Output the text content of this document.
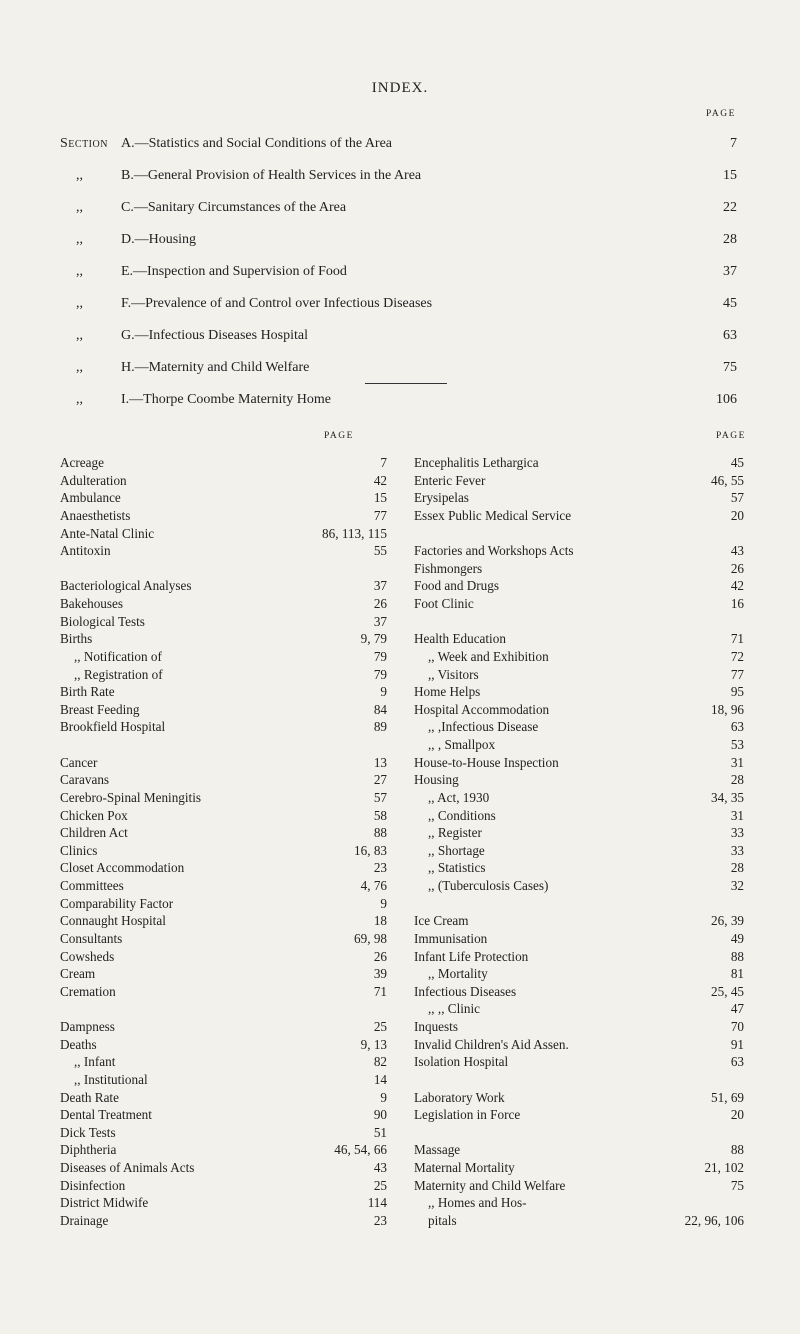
INDEX.
PAGE
Section A.—Statistics and Social Conditions of the Area	7
,,	B.—General Provision of Health Services in the Area	15
,,	C.—Sanitary Circumstances of the Area	22
,,	D.—Housing	28
,,	E.—Inspection and Supervision of Food	37
,,	F.—Prevalence of and Control over Infectious Diseases	45
,,	G.—Infectious Diseases Hospital	63
,,	H.—Maternity and Child Welfare	75
,,	I.—Thorpe Coombe Maternity Home	106
PAGE	PAGE
Acreage	7
Adulteration	42
Ambulance	15
Anaesthetists	77
Ante-Natal Clinic	86, 113, 115
Antitoxin	55
Bacteriological Analyses	37
Bakehouses	26
Biological Tests	37
Births	9, 79
,, Notification of	79
,, Registration of	79
Birth Rate	9
Breast Feeding	84
Brookfield Hospital	89
Cancer	13
Caravans	27
Cerebro-Spinal Meningitis	57
Chicken Pox	58
Children Act	88
Clinics	16, 83
Closet Accommodation	23
Committees	4, 76
Comparability Factor	9
Connaught Hospital	18
Consultants	69, 98
Cowsheds	26
Cream	39
Cremation	71
Dampness	25
Deaths	9, 13
,, Infant	82
,, Institutional	14
Death Rate	9
Dental Treatment	90
Dick Tests	51
Diphtheria	46, 54, 66
Diseases of Animals Acts	43
Disinfection	25
District Midwife	114
Drainage	23
Encephalitis Lethargica	45
Enteric Fever	46, 55
Erysipelas	57
Essex Public Medical Service	20
Factories and Workshops Acts	43
Fishmongers	26
Food and Drugs	42
Foot Clinic	16
Health Education	71
,, Week and Exhibition	72
,, Visitors	77
Home Helps	95
Hospital Accommodation	18, 96
,, ,Infectious Disease	63
,, , Smallpox	53
House-to-House Inspection	31
Housing	28
,, Act, 1930	34, 35
,, Conditions	31
,, Register	33
,, Shortage	33
,, Statistics	28
,, (Tuberculosis Cases)	32
Ice Cream	26, 39
Immunisation	49
Infant Life Protection	88
,, Mortality	81
Infectious Diseases	25, 45
,, ,, Clinic	47
Inquests	70
Invalid Children's Aid Assen.	91
Isolation Hospital	63
Laboratory Work	51, 69
Legislation in Force	20
Massage	88
Maternal Mortality	21, 102
Maternity and Child Welfare	75
,, Homes and Hos-
pitals	22, 96, 106
